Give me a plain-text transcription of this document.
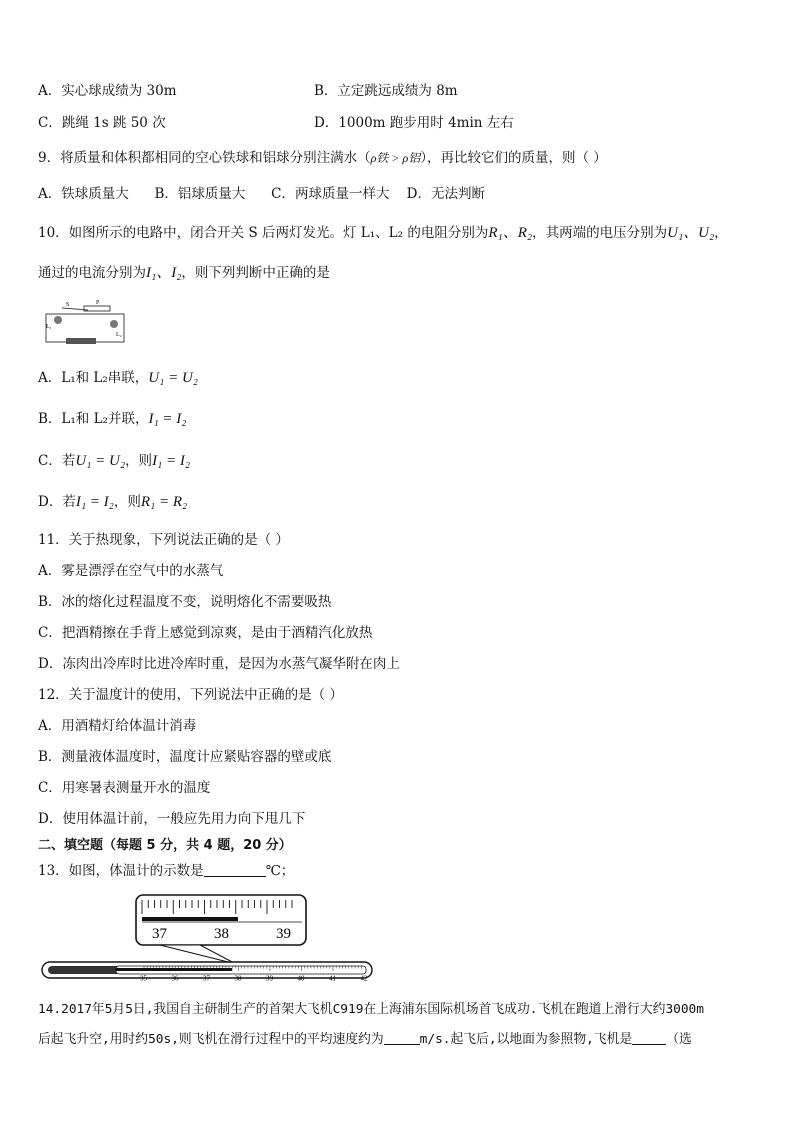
A．实心球成绩为 30m	B．立定跳远成绩为 8m
C．跳绳 1s 跳 50 次	D．1000m 跑步用时 4min 左右
9．将质量和体积都相同的空心铁球和铝球分别注满水（ρ铁 > ρ铝），再比较它们的质量，则（ ）
A．铁球质量大      B．铝球质量大      C．两球质量一样大    D．无法判断
10．如图所示的电路中，闭合开关 S 后两灯发光。灯 L₁、L₂ 的电阻分别为R₁、R₂，其两端的电压分别为U₁、U₂，
通过的电流分别为I₁、I₂，则下列判断中正确的是
S	P
L₁
L₂
A．L₁和 L₂串联，U₁ = U₂
B．L₁和 L₂并联，I₁ = I₂
C．若U₁ = U₂，则I₁ = I₂
D．若I₁ = I₂，则R₁ = R₂
11．关于热现象，下列说法正确的是（ ）
A．雾是漂浮在空气中的水蒸气
B．冰的熔化过程温度不变，说明熔化不需要吸热
C．把酒精擦在手背上感觉到凉爽，是由于酒精汽化放热
D．冻肉出冷库时比进冷库时重，是因为水蒸气凝华附在肉上
12．关于温度计的使用，下列说法中正确的是（ ）
A．用酒精灯给体温计消毒
B．测量液体温度时，温度计应紧贴容器的壁或底
C．用寒暑表测量开水的温度
D．使用体温计前，一般应先用力向下甩几下
二、填空题（每题 5 分，共 4 题，20 分）
13．如图，体温计的示数是	℃；
37	38	39
35	36	37	38	39	40	41	42
14.2017年5月5日,我国自主研制生产的首架大飞机C919在上海浦东国际机场首飞成功.飞机在跑道上滑行大约3000m
后起飞升空,用时约50s,则飞机在滑行过程中的平均速度约为	m/s.起飞后,以地面为参照物,飞机是	（选
